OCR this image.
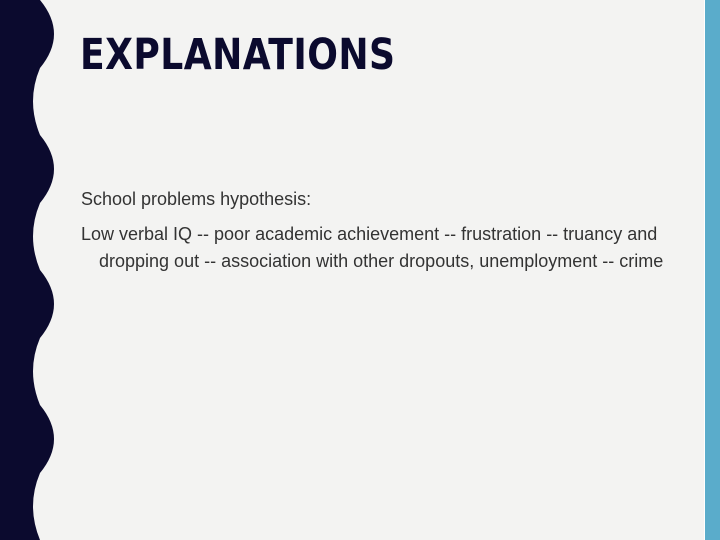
EXPLANATIONS

School problems hypothesis:

Low verbal IQ -- poor academic achievement -- frustration -- truancy and dropping out -- association with other dropouts, unemployment -- crime
